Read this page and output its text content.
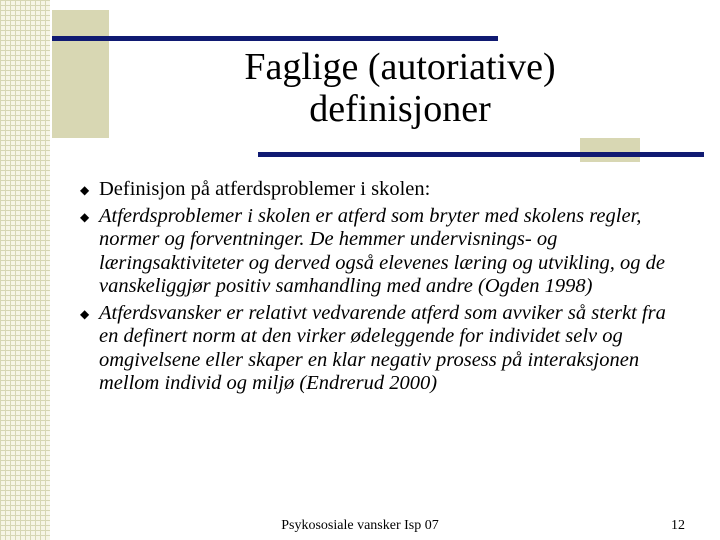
Faglige (autoriative)
definisjoner
◆ Definisjon på atferdsproblemer i skolen:
◆ Atferdsproblemer i skolen er atferd som bryter med skolens regler, normer og forventninger. De hemmer undervisnings- og læringsaktiviteter og derved også elevenes læring og utvikling, og de vanskeliggjør positiv samhandling med andre (Ogden 1998)
◆ Atferdsvansker er relativt vedvarende atferd som avviker så sterkt fra en definert norm at den virker ødeleggende for individet selv og omgivelsene eller skaper en klar negativ prosess på interaksjonen mellom individ og miljø (Endrerud 2000)
Psykososiale vansker Isp 07	12
